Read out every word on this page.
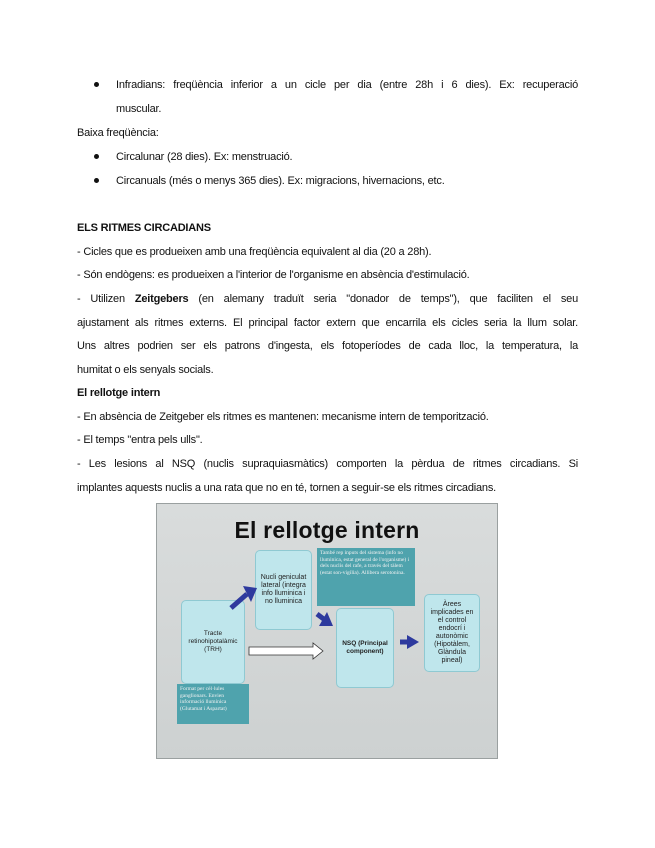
Infradians: freqüència inferior a un cicle per dia (entre 28h i 6 dies). Ex: recuperació
muscular.
Baixa freqüència:
Circalunar (28 dies). Ex: menstruació.
Circanuals (més o menys 365 dies). Ex: migracions, hivernacions, etc.
ELS RITMES CIRCADIANS
- Cicles que es produeixen amb una freqüència equivalent al dia (20 a 28h).
- Són endògens: es produeixen a l'interior de l'organisme en absència d'estimulació.
- Utilizen Zeitgebers (en alemany traduït seria "donador de temps"), que faciliten el seu
ajustament als ritmes externs. El principal factor extern que encarrila els cicles seria la llum solar.
Uns altres podrien ser els patrons d'ingesta, els fotoperíodes de cada lloc, la temperatura, la
humitat o els senyals socials.
El rellotge intern
- En absència de Zeitgeber els ritmes es mantenen: mecanisme intern de temporització.
- El temps "entra pels ulls".
- Les lesions al NSQ (nuclis supraquiasmàtics) comporten la pèrdua de ritmes circadians. Si
implantes aquests nuclis a una rata que no en té, tornen a seguir-se els ritmes circadians.
El rellotge intern
Tracte retinohipotalàmic (TRH)
Nucli geniculat lateral (integra info lluminica i no lluminica
També rep inputs del sistema (info no lluminica, estat general de l'organisme) i dels nuclis del rafe, a través del tàlem (estat son-vigília). Allibera serotonina.
NSQ (Principal component)
Àrees implicades en el control endocrí i autonòmic (Hipotàlem, Glàndula pineal)
Format per cèl·lules ganglionars. Envien informació lluminica (Glutamat i Aspartat)
